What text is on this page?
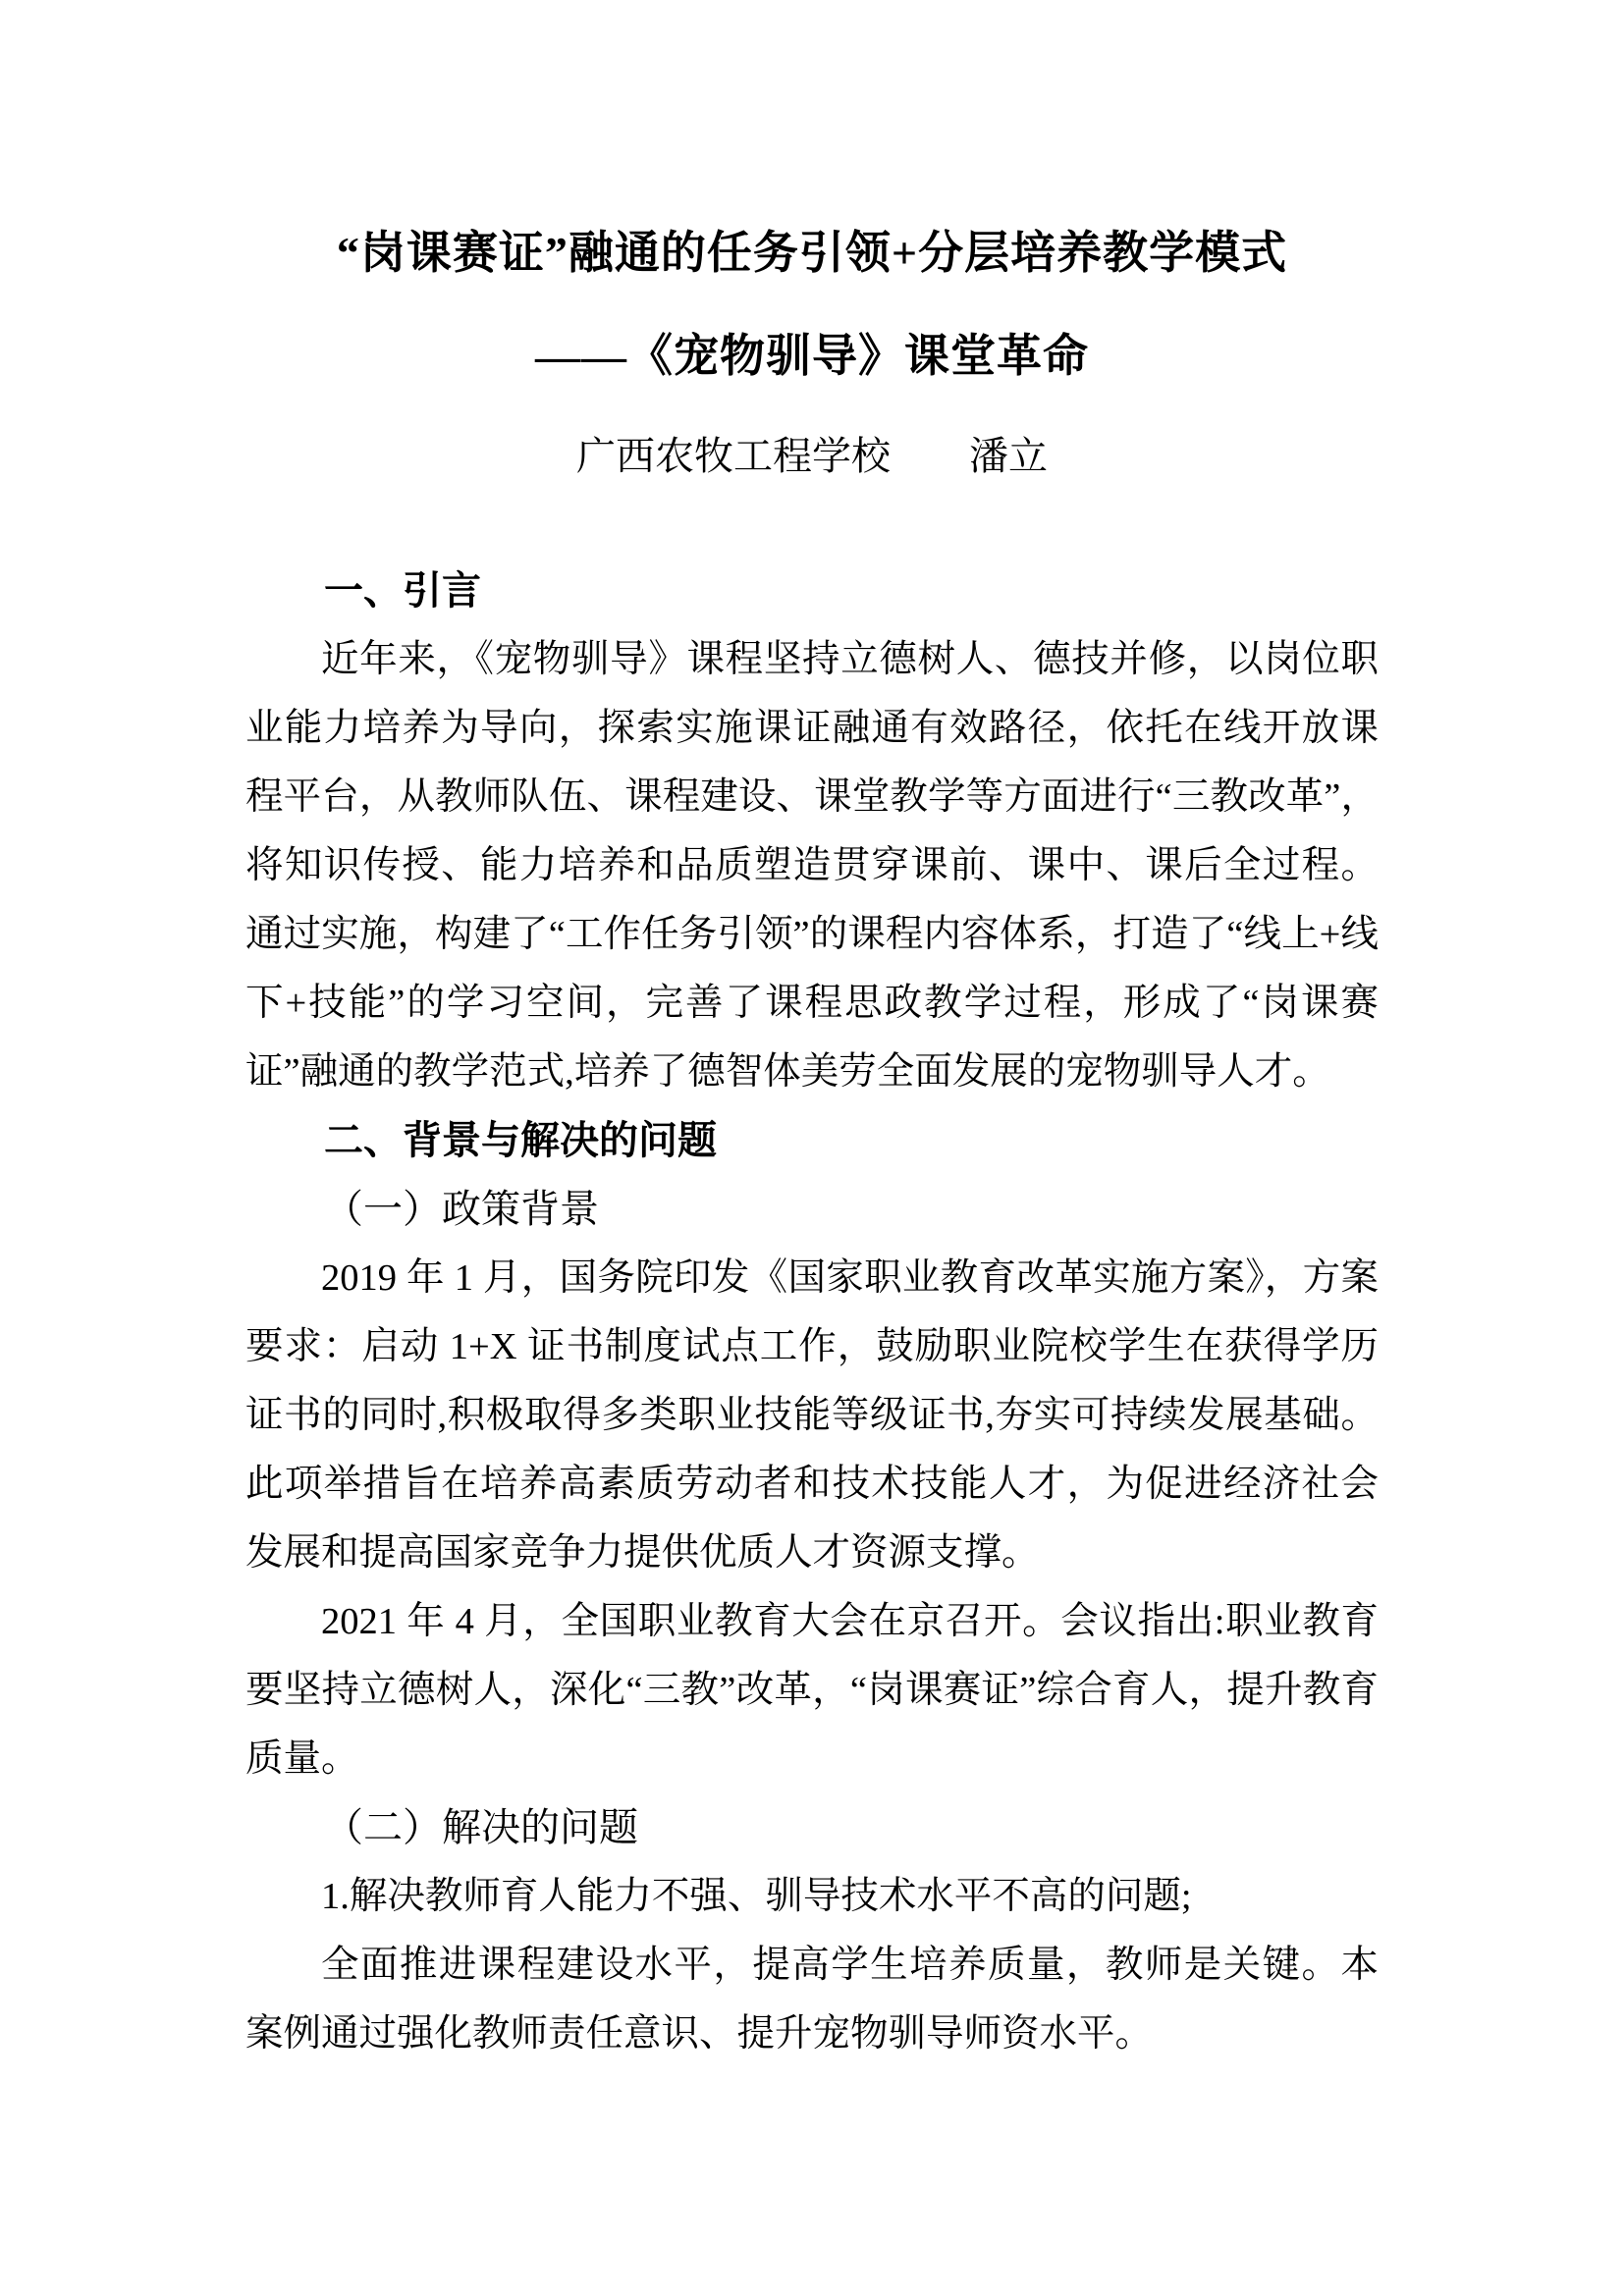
“岗课赛证”融通的任务引领+分层培养教学模式
——《宠物驯导》课堂革命
广西农牧工程学校　　潘立
一、引言

近年来，《宠物驯导》课程坚持立德树人、德技并修，以岗位职业能力培养为导向，探索实施课证融通有效路径，依托在线开放课程平台，从教师队伍、课程建设、课堂教学等方面进行“三教改革”，将知识传授、能力培养和品质塑造贯穿课前、课中、课后全过程。通过实施，构建了“工作任务引领”的课程内容体系，打造了“线上+线下+技能”的学习空间，完善了课程思政教学过程，形成了“岗课赛证”融通的教学范式,培养了德智体美劳全面发展的宠物驯导人才。

二、背景与解决的问题
（一）政策背景

2019 年 1 月，国务院印发《国家职业教育改革实施方案》，方案要求：启动 1+X 证书制度试点工作，鼓励职业院校学生在获得学历证书的同时,积极取得多类职业技能等级证书,夯实可持续发展基础。此项举措旨在培养高素质劳动者和技术技能人才，为促进经济社会发展和提高国家竞争力提供优质人才资源支撑。

2021 年 4 月，全国职业教育大会在京召开。会议指出:职业教育要坚持立德树人，深化“三教”改革，“岗课赛证”综合育人，提升教育质量。

（二）解决的问题

1.解决教师育人能力不强、驯导技术水平不高的问题;

全面推进课程建设水平，提高学生培养质量，教师是关键。本案例通过强化教师责任意识、提升宠物驯导师资水平。
